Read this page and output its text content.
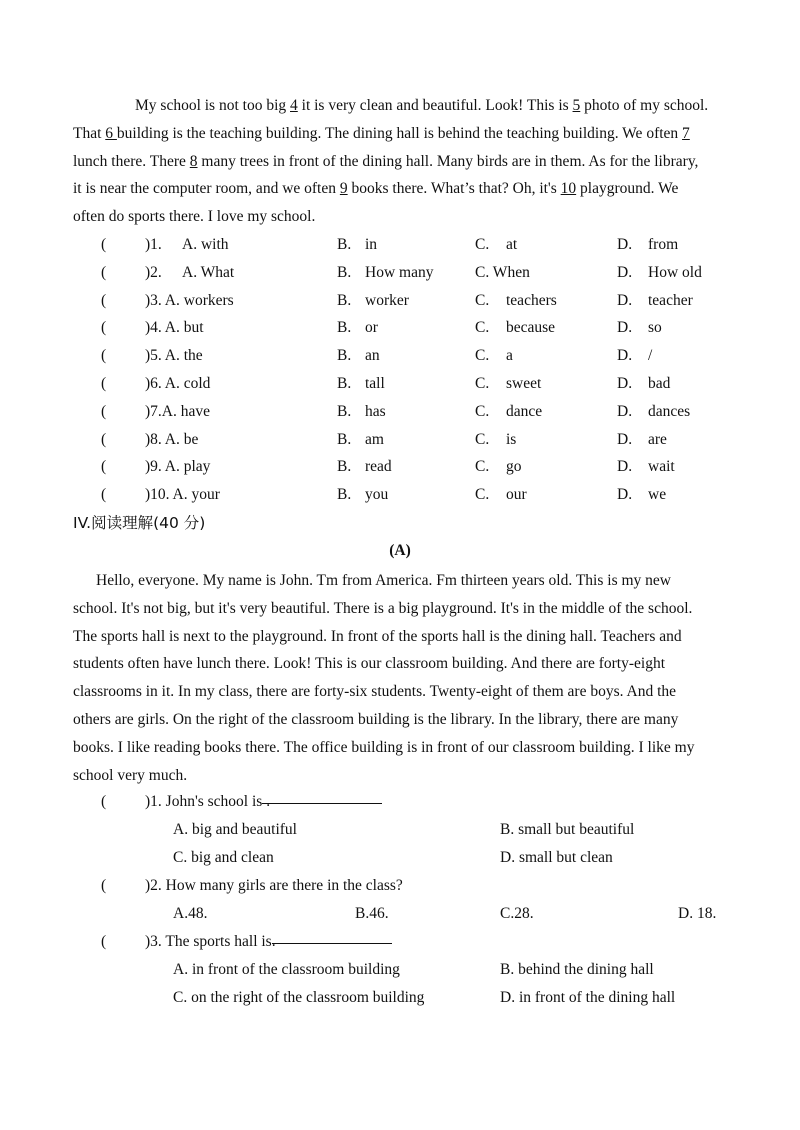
My school is not too big 4 it is very clean and beautiful. Look! This is 5 photo of my school.
That 6 building is the teaching building. The dining hall is behind the teaching building. We often 7
lunch there. There 8 many trees in front of the dining hall. Many birds are in them. As for the library,
it is near the computer room, and we often 9 books there. What’s that? Oh, it's 10 playground. We
often do sports there. I love my school.
(	)1. A. with	B. in	C. at	D. from
(	)2. A. What	B. How many	C. When	D. How old
(	)3. A. workers	B. worker	C. teachers	D. teacher
(	)4. A. but	B. or	C. because	D. so
(	)5. A. the	B. an	C. a	D. /
(	)6. A. cold	B. tall	C. sweet	D. bad
(	)7.A. have	B. has	C. dance	D. dances
(	)8. A. be	B. am	C. is	D. are
(	)9. A. play	B. read	C. go	D. wait
(	)10. A. your	B. you	C. our	D. we
IV.阅读理解(40 分)
(A)
Hello, everyone. My name is John. Tm from America. Fm thirteen years old. This is my new
school. It's not big, but it's very beautiful. There is a big playground. It's in the middle of the school.
The sports hall is next to the playground. In front of the sports hall is the dining hall. Teachers and
students often have lunch there. Look! This is our classroom building. And there are forty-eight
classrooms in it. In my class, there are forty-six students. Twenty-eight of them are boys. And the
others are girls. On the right of the classroom building is the library. In the library, there are many
books. I like reading books there. The office building is in front of our classroom building. I like my
school very much.
(	)1. John's school is
.
A. big and beautiful	B. small but beautiful
C. big and clean	D. small but clean
(	)2. How many girls are there in the class?
A.48.	B.46.	C.28.	D. 18.
(	)3. The sports hall is
.
A. in front of the classroom building	B. behind the dining hall
C. on the right of the classroom building	D. in front of the dining hall
